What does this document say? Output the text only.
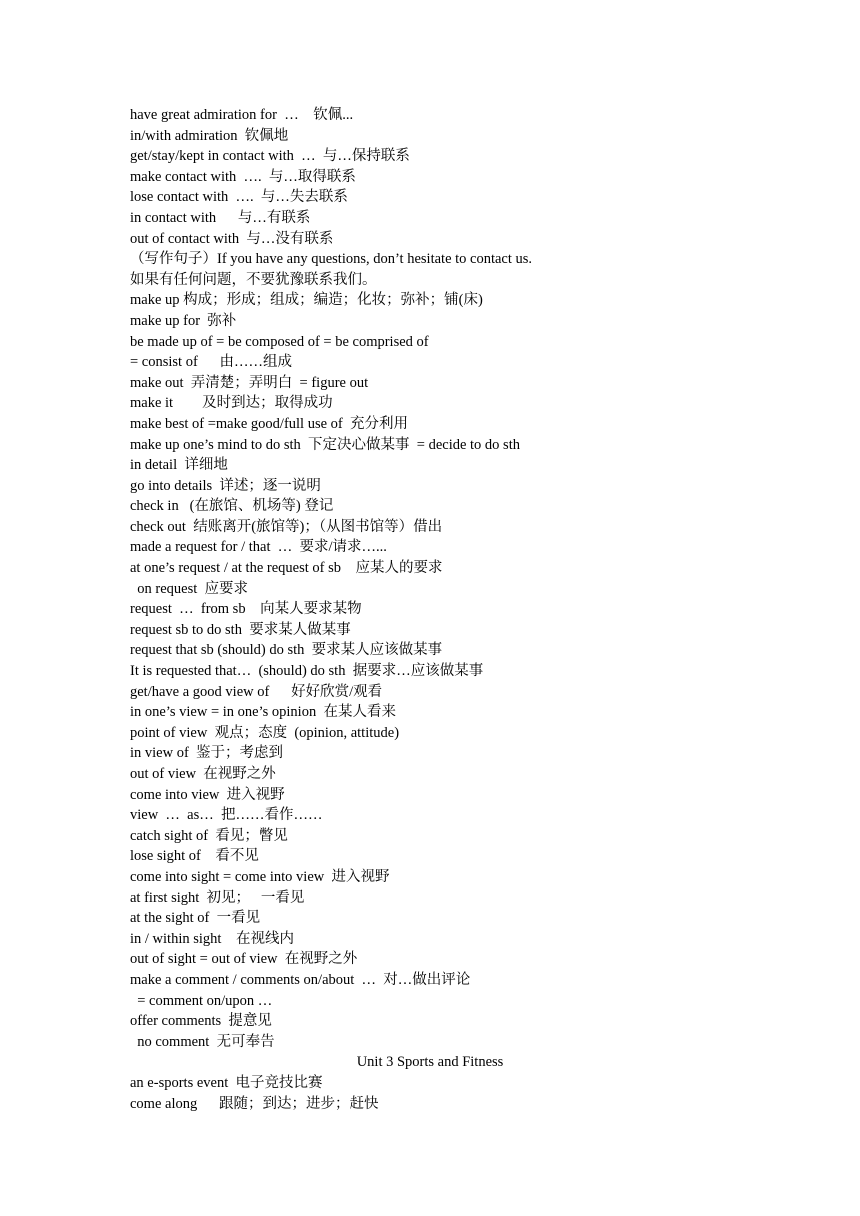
have great admiration for  …    钦佩...
in/with admiration  钦佩地
get/stay/kept in contact with  …  与…保持联系
make contact with  ….  与…取得联系
lose contact with  ….  与…失去联系
in contact with      与…有联系
out of contact with  与…没有联系
（写作句子）If you have any questions, don’t hesitate to contact us.
如果有任何问题，不要犹豫联系我们。
make up 构成；形成；组成；编造；化妆；弥补；铺(床)
make up for  弥补
be made up of = be composed of = be comprised of
= consist of      由……组成
make out  弄清楚；弄明白  = figure out
make it        及时到达；取得成功
make best of =make good/full use of  充分利用
make up one’s mind to do sth  下定决心做某事  = decide to do sth
in detail  详细地
go into details  详述；逐一说明
check in   (在旅馆、机场等) 登记
check out  结账离开(旅馆等)；（从图书馆等）借出
made a request for / that  …  要求/请求…...
at one’s request / at the request of sb    应某人的要求
on request  应要求
request  …  from sb    向某人要求某物
request sb to do sth  要求某人做某事
request that sb (should) do sth  要求某人应该做某事
It is requested that…  (should) do sth  据要求…应该做某事
get/have a good view of      好好欣赏/观看
in one’s view = in one’s opinion  在某人看来
point of view  观点；态度  (opinion, attitude)
in view of  鉴于；考虑到
out of view  在视野之外
come into view  进入视野
view  …  as…  把……看作……
catch sight of  看见；瞥见
lose sight of    看不见
come into sight = come into view  进入视野
at first sight  初见；   一看见
at the sight of  一看见
in / within sight    在视线内
out of sight = out of view  在视野之外
make a comment / comments on/about  …  对…做出评论
= comment on/upon …
offer comments  提意见
no comment  无可奉告
Unit 3 Sports and Fitness
an e-sports event  电子竞技比赛
come along      跟随；到达；进步；赶快
